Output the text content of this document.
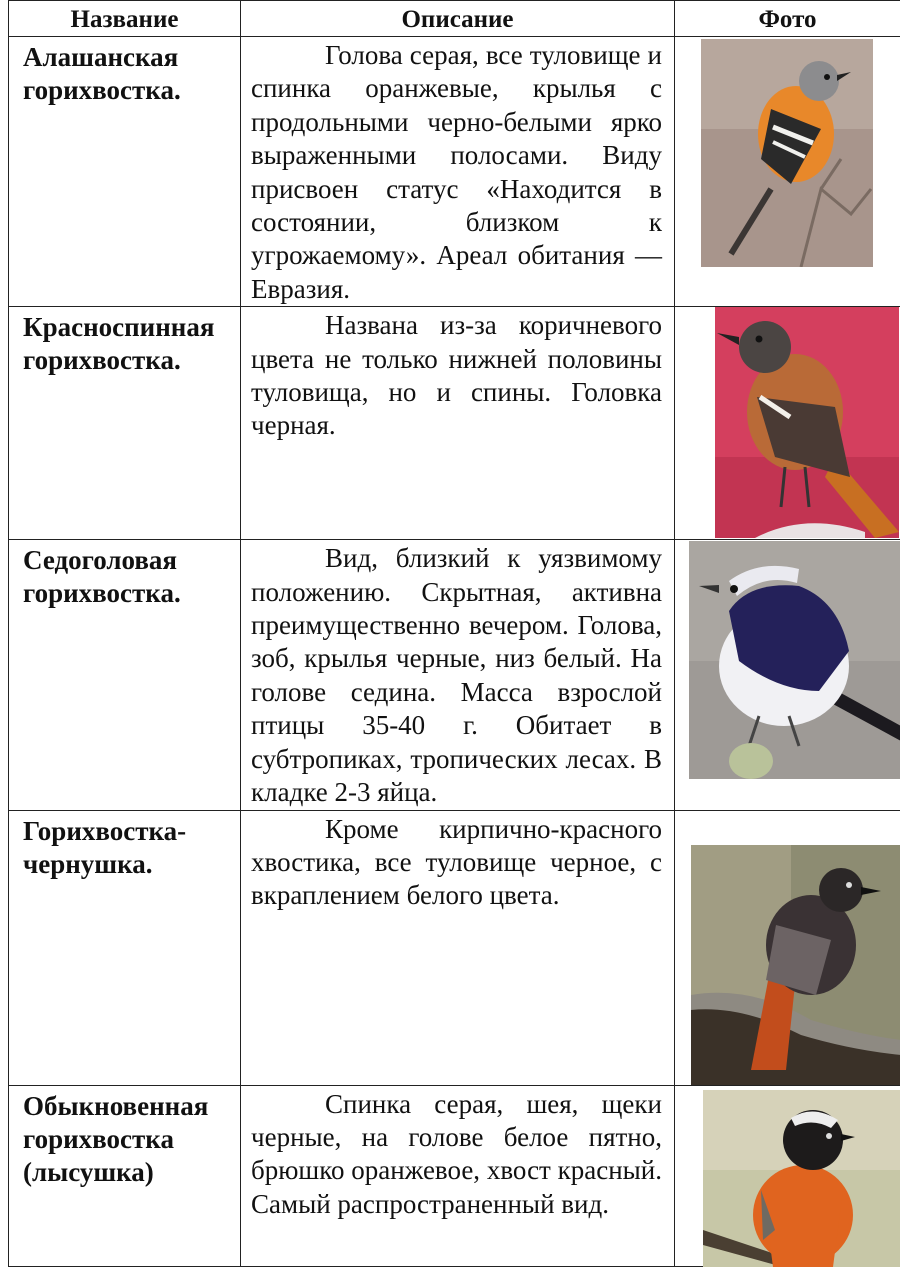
Название	Описание	Фото
Алашанская горихвостка.	Голова серая, все туловище и спинка оранжевые, крылья с продольными черно-белыми ярко выраженными полосами. Виду присвоен статус «Находится в состоянии, близком к угрожаемому». Ареал обитания — Евразия.

Красноспинная горихвостка.	Названа из-за коричневого цвета не только нижней половины туловища, но и спины. Головка черная.

Седоголовая горихвостка.	Вид, близкий к уязвимому положению. Скрытная, активна преимущественно вечером. Голова, зоб, крылья черные, низ белый. На голове седина. Масса взрослой птицы 35-40 г. Обитает в субтропиках, тропических лесах. В кладке 2-3 яйца.

Горихвостка-чернушка.	Кроме кирпично-красного хвостика, все туловище черное, с вкраплением белого цвета.

Обыкновенная горихвостка (лысушка)	Спинка серая, шея, щеки черные, на голове белое пятно, брюшко оранжевое, хвост красный. Самый распространенный вид.
